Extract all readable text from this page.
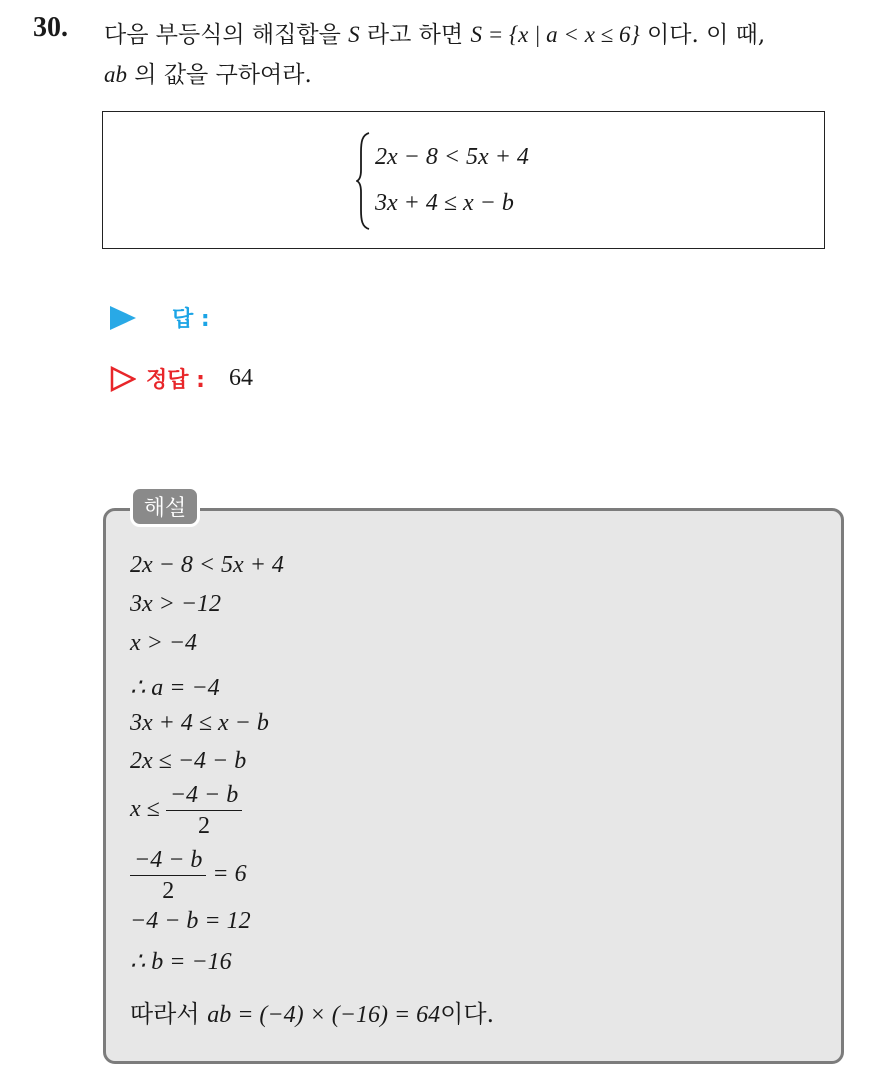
30. 다음 부등식의 해집합을 S 라고 하면 S = {x | a < x ≤ 6} 이다. 이 때,
ab 의 값을 구하여라.
2x − 8 < 5x + 4
3x + 4 ≤ x − b
답 :
정답 : 64
해설
2x − 8 < 5x + 4
3x > −12
x > −4
∴ a = −4
3x + 4 ≤ x − b
2x ≤ −4 − b
$x \le \frac{-4 - b}{2}$
$\frac{-4 - b}{2} = 6$
−4 − b = 12
∴ b = −16
따라서 ab = (−4) × (−16) = 64이다.
